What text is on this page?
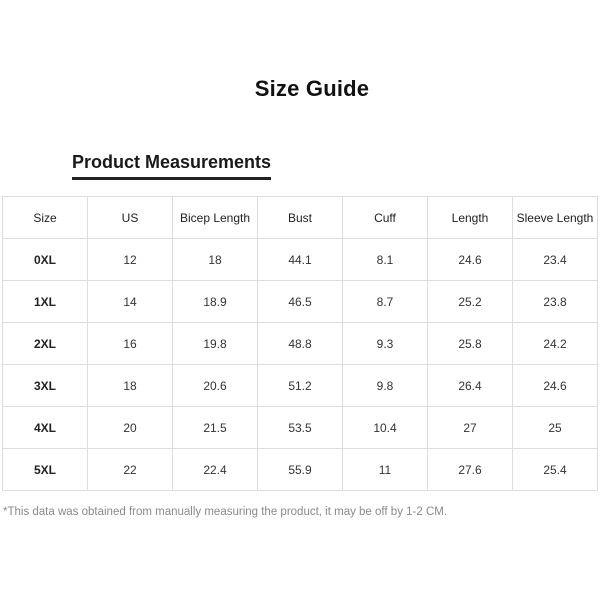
Size Guide
Product Measurements
Size	US	Bicep Length	Bust	Cuff	Length	Sleeve Length
0XL	12	18	44.1	8.1	24.6	23.4
1XL	14	18.9	46.5	8.7	25.2	23.8
2XL	16	19.8	48.8	9.3	25.8	24.2
3XL	18	20.6	51.2	9.8	26.4	24.6
4XL	20	21.5	53.5	10.4	27	25
5XL	22	22.4	55.9	11	27.6	25.4
*This data was obtained from manually measuring the product, it may be off by 1-2 CM.
